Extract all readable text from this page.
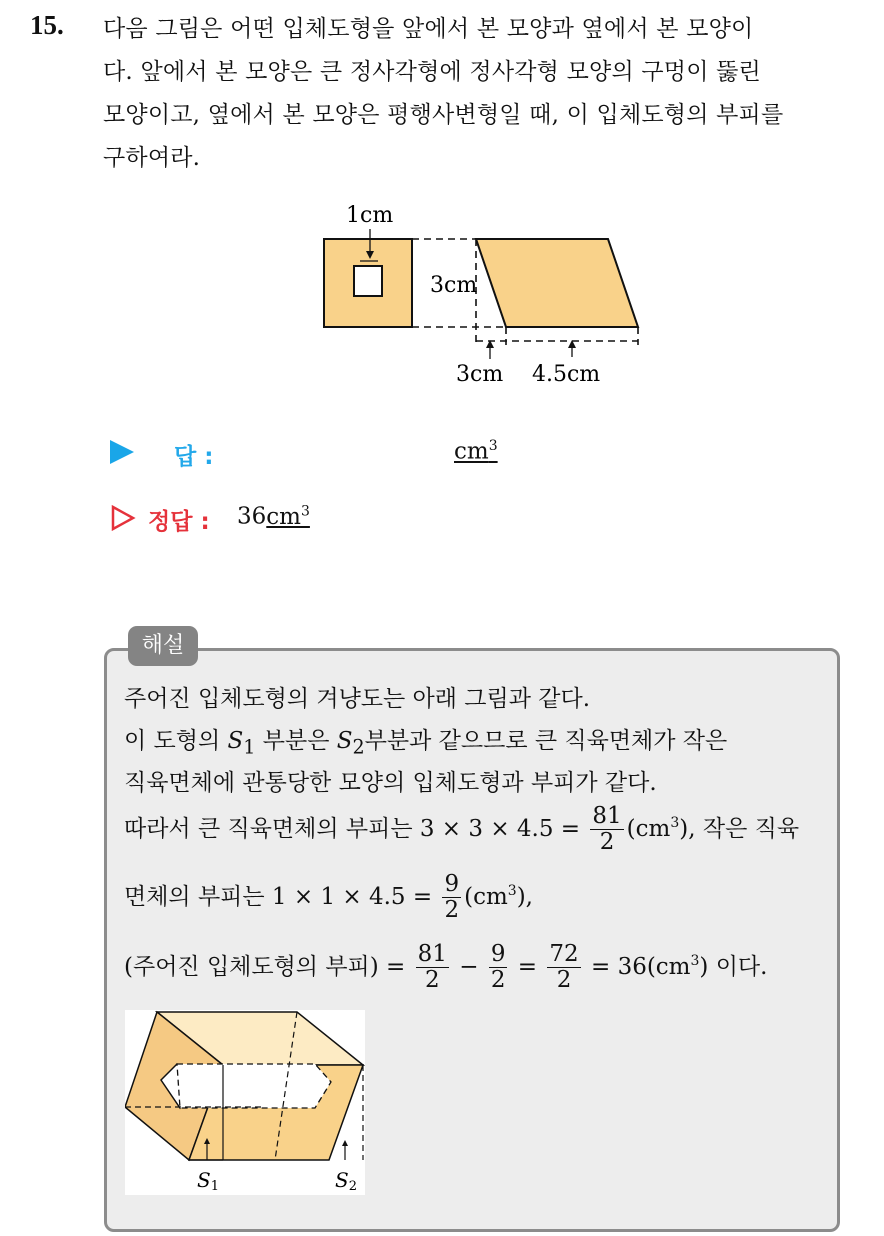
15. 다음 그림은 어떤 입체도형을 앞에서 본 모양과 옆에서 본 모양이
다. 앞에서 본 모양은 큰 정사각형에 정사각형 모양의 구멍이 뚫린
모양이고, 옆에서 본 모양은 평행사변형일 때, 이 입체도형의 부피를
구하여라.
1cm
3cm
3cm 4.5cm
답 :	$cm^3$
정답 : $36cm^3$
해설
주어진 입체도형의 겨냥도는 아래 그림과 같다.
이 도형의 $S_1$ 부분은 $S_2$부분과 같으므로 큰 직육면체가 작은
직육면체에 관통당한 모양의 입체도형과 부피가 같다.
따라서 큰 직육면체의 부피는 $3 \times 3 \times 4.5 = \frac{81}{2} (cm^3)$, 작은 직육
면체의 부피는 $1 \times 1 \times 4.5 = \frac{9}{2} (cm^3)$,
(주어진 입체도형의 부피) = $\frac{81}{2} - \frac{9}{2} = \frac{72}{2} = 36(cm^3)$ 이다.
S1	S2
